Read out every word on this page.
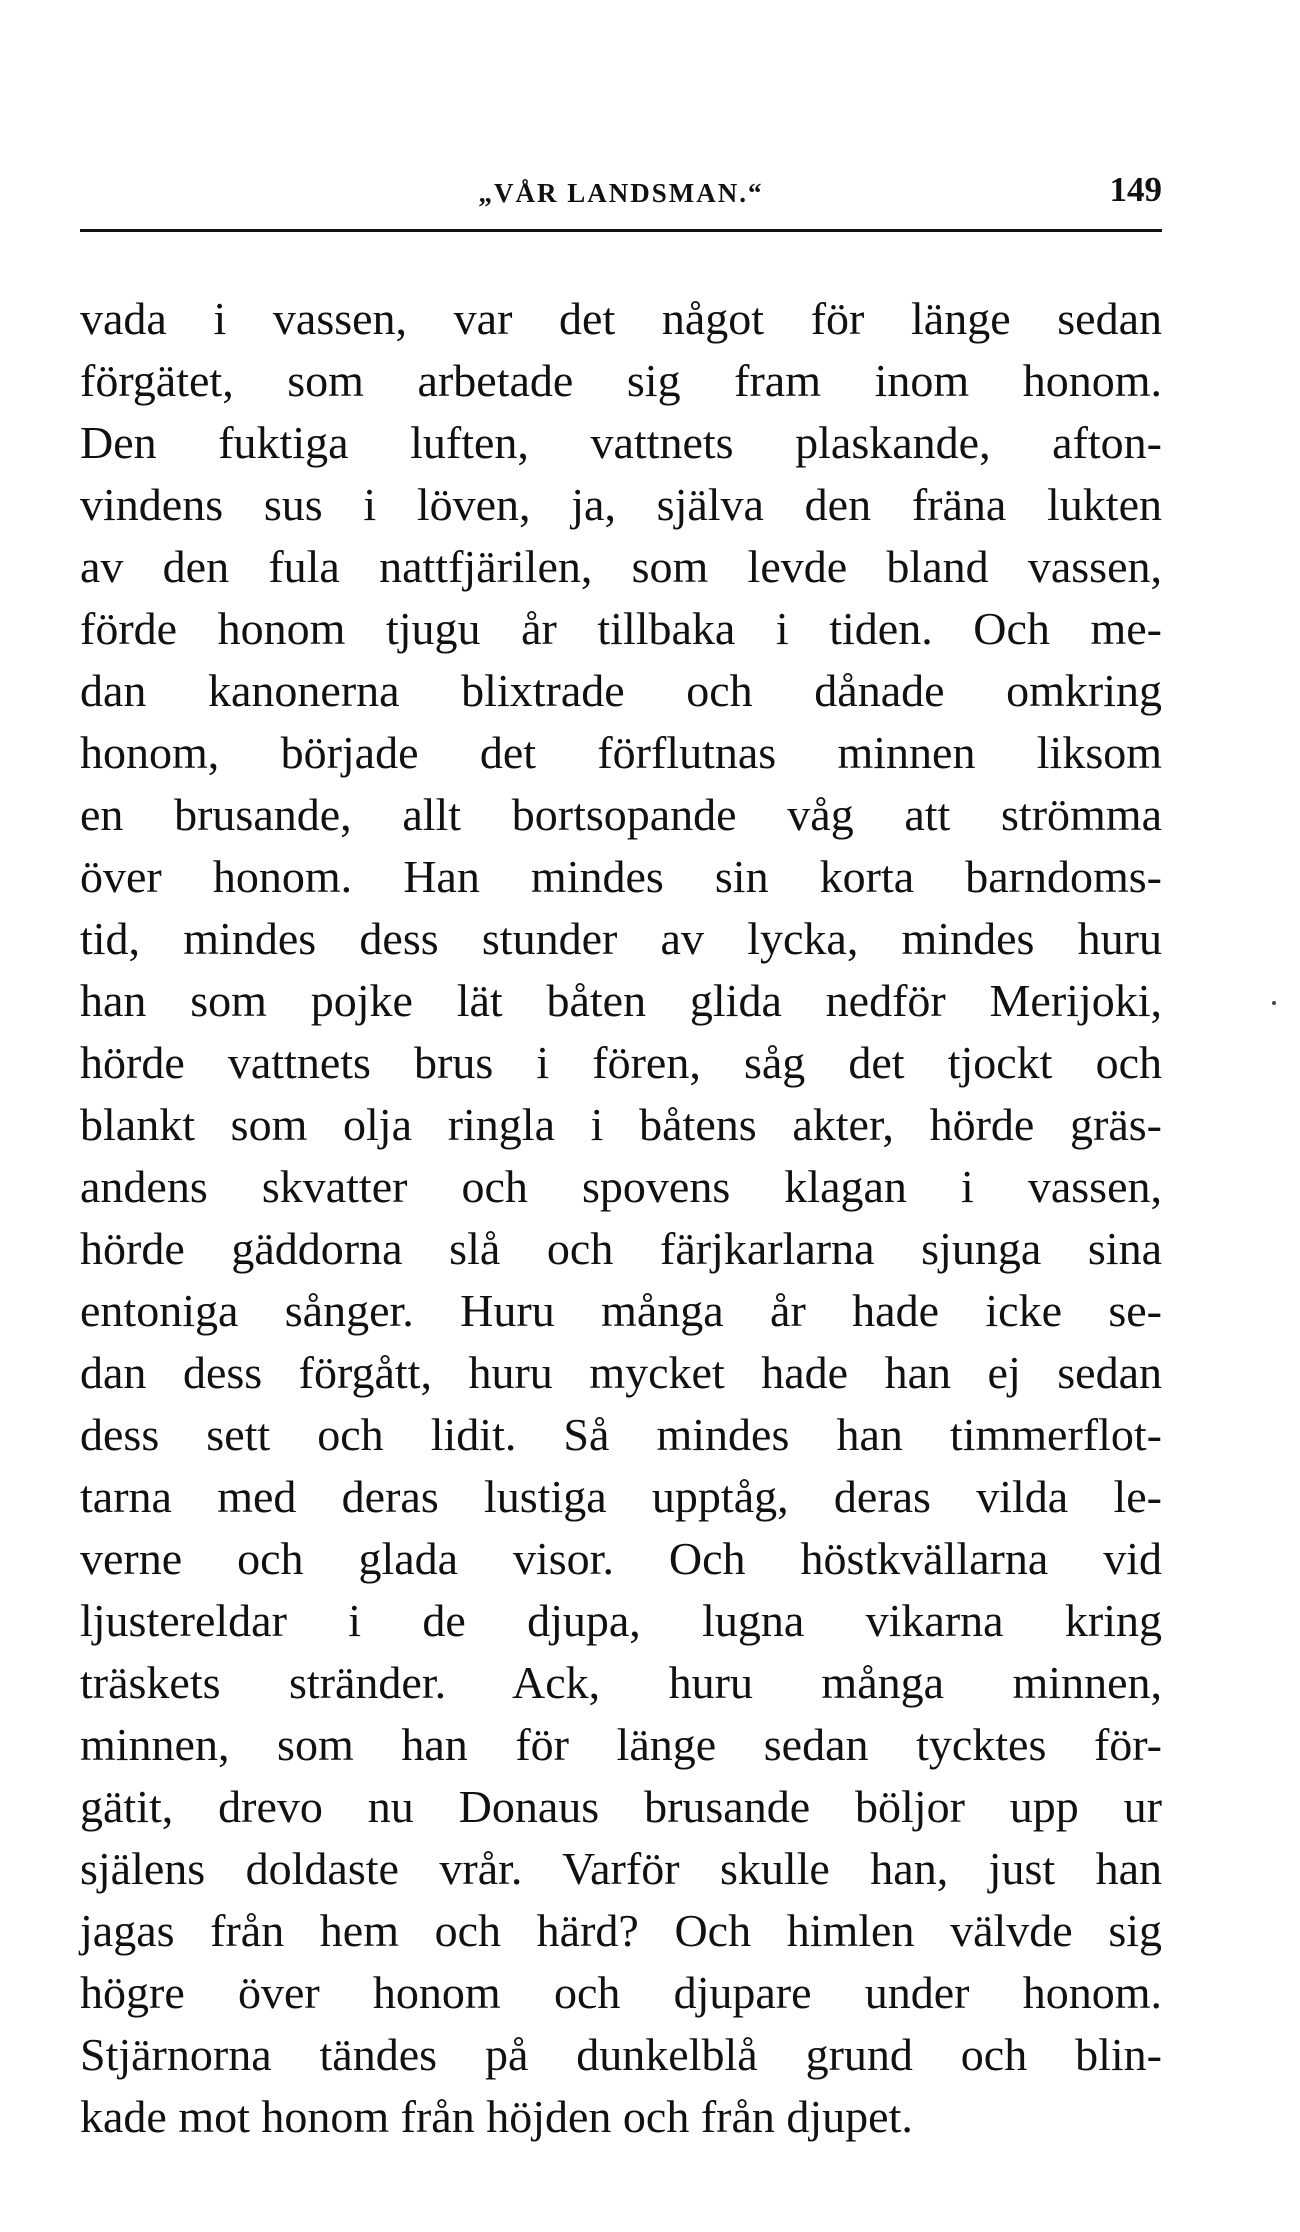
„VÅR LANDSMAN.“	149
vada i vassen, var det något för länge sedan
förgätet, som arbetade sig fram inom honom.
Den fuktiga luften, vattnets plaskande, afton-
vindens sus i löven, ja, själva den fräna lukten
av den fula nattfjärilen, som levde bland vassen,
förde honom tjugu år tillbaka i tiden. Och me-
dan kanonerna blixtrade och dånade omkring
honom, började det förflutnas minnen liksom
en brusande, allt bortsopande våg att strömma
över honom. Han mindes sin korta barndoms-
tid, mindes dess stunder av lycka, mindes huru
han som pojke lät båten glida nedför Merijoki,
hörde vattnets brus i fören, såg det tjockt och
blankt som olja ringla i båtens akter, hörde gräs-
andens skvatter och spovens klagan i vassen,
hörde gäddorna slå och färjkarlarna sjunga sina
entoniga sånger. Huru många år hade icke se-
dan dess förgått, huru mycket hade han ej sedan
dess sett och lidit. Så mindes han timmerflot-
tarna med deras lustiga upptåg, deras vilda le-
verne och glada visor. Och höstkvällarna vid
ljustereldar i de djupa, lugna vikarna kring
träskets stränder. Ack, huru många minnen,
minnen, som han för länge sedan tycktes för-
gätit, drevo nu Donaus brusande böljor upp ur
själens doldaste vrår. Varför skulle han, just han
jagas från hem och härd? Och himlen välvde sig
högre över honom och djupare under honom.
Stjärnorna tändes på dunkelblå grund och blin-
kade mot honom från höjden och från djupet.
